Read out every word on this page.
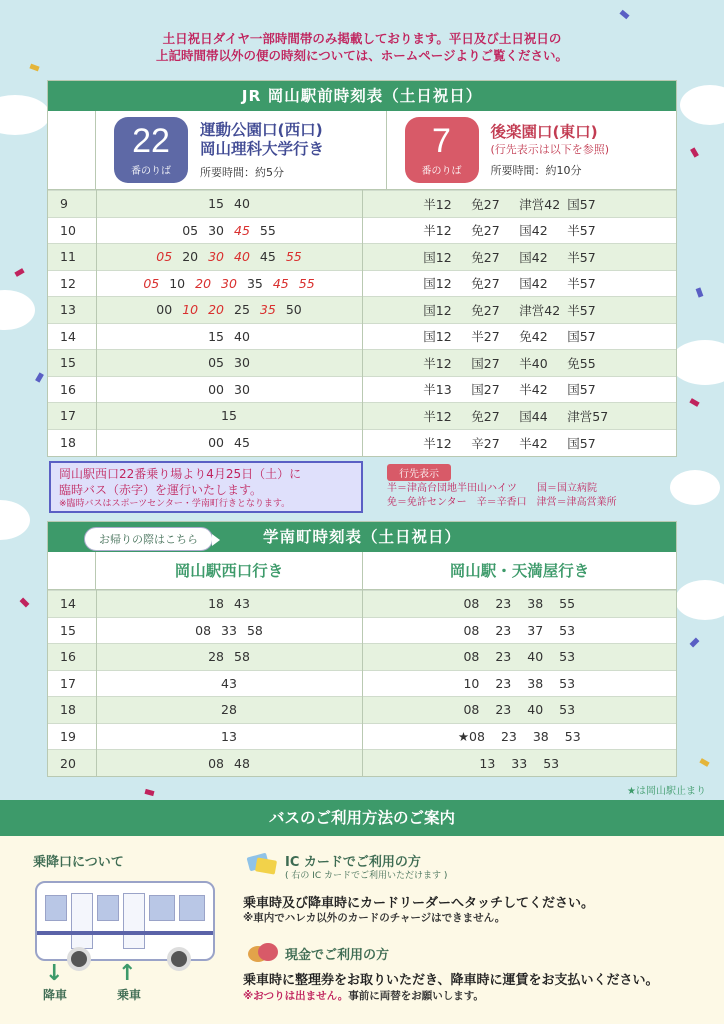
土日祝日ダイヤ一部時間帯のみ掲載しております。平日及び土日祝日の
上記時間帯以外の便の時刻については、ホームページよりご覧ください。
JR 岡山駅前時刻表（土日祝日）
22
番のりば
運動公園口(西口)
岡山理科大学行き
所要時間：約5分
7
番のりば
後楽園口(東口)
(行先表示は以下を参照)
所要時間：約10分
9	15 40	半12 免27 津営42 国57
10	05 30 45 55	半12 免27 国42 半57
11	05 20 30 40 45 55	国12 免27 国42 半57
12	05 10 20 30 35 45 55	国12 免27 国42 半57
13	00 10 20 25 35 50	国12 免27 津営42 半57
14	15 40	国12 半27 免42 国57
15	05 30	半12 国27 半40 免55
16	00 30	半13 国27 半42 国57
17	15	半12 免27 国44 津営57
18	00 45	半12 辛27 半42 国57
岡山駅西口22番乗り場より4月25日（土）に
臨時バス（赤字）を運行いたします。
※臨時バスはスポーツセンター・学南町行きとなります。
行先表示
半＝津高台団地半田山ハイツ　　国＝国立病院
免＝免許センター　辛＝辛香口　津営＝津高営業所
学南町時刻表（土日祝日）
岡山駅西口行き	岡山駅・天満屋行き
14	18 43	08 23 38 55
15	08 33 58	08 23 37 53
16	28 58	08 23 40 53
17	43	10 23 38 53
18	28	08 23 40 53
19	13	★08 23 38 53
20	08 48	13 33 53
お帰りの際はこちら
★は岡山駅止まり
バスのご利用方法のご案内
乗降口について
↓ ↑
降車	乗車
IC カードでご利用の方
( 右の IC カードでご利用いただけます )
乗車時及び降車時にカードリーダーへタッチしてください。
※車内でハレカ以外のカードのチャージはできません。
現金でご利用の方
乗車時に整理券をお取りいただき、降車時に運賃をお支払いください。
※おつりは出ません。事前に両替をお願いします。
